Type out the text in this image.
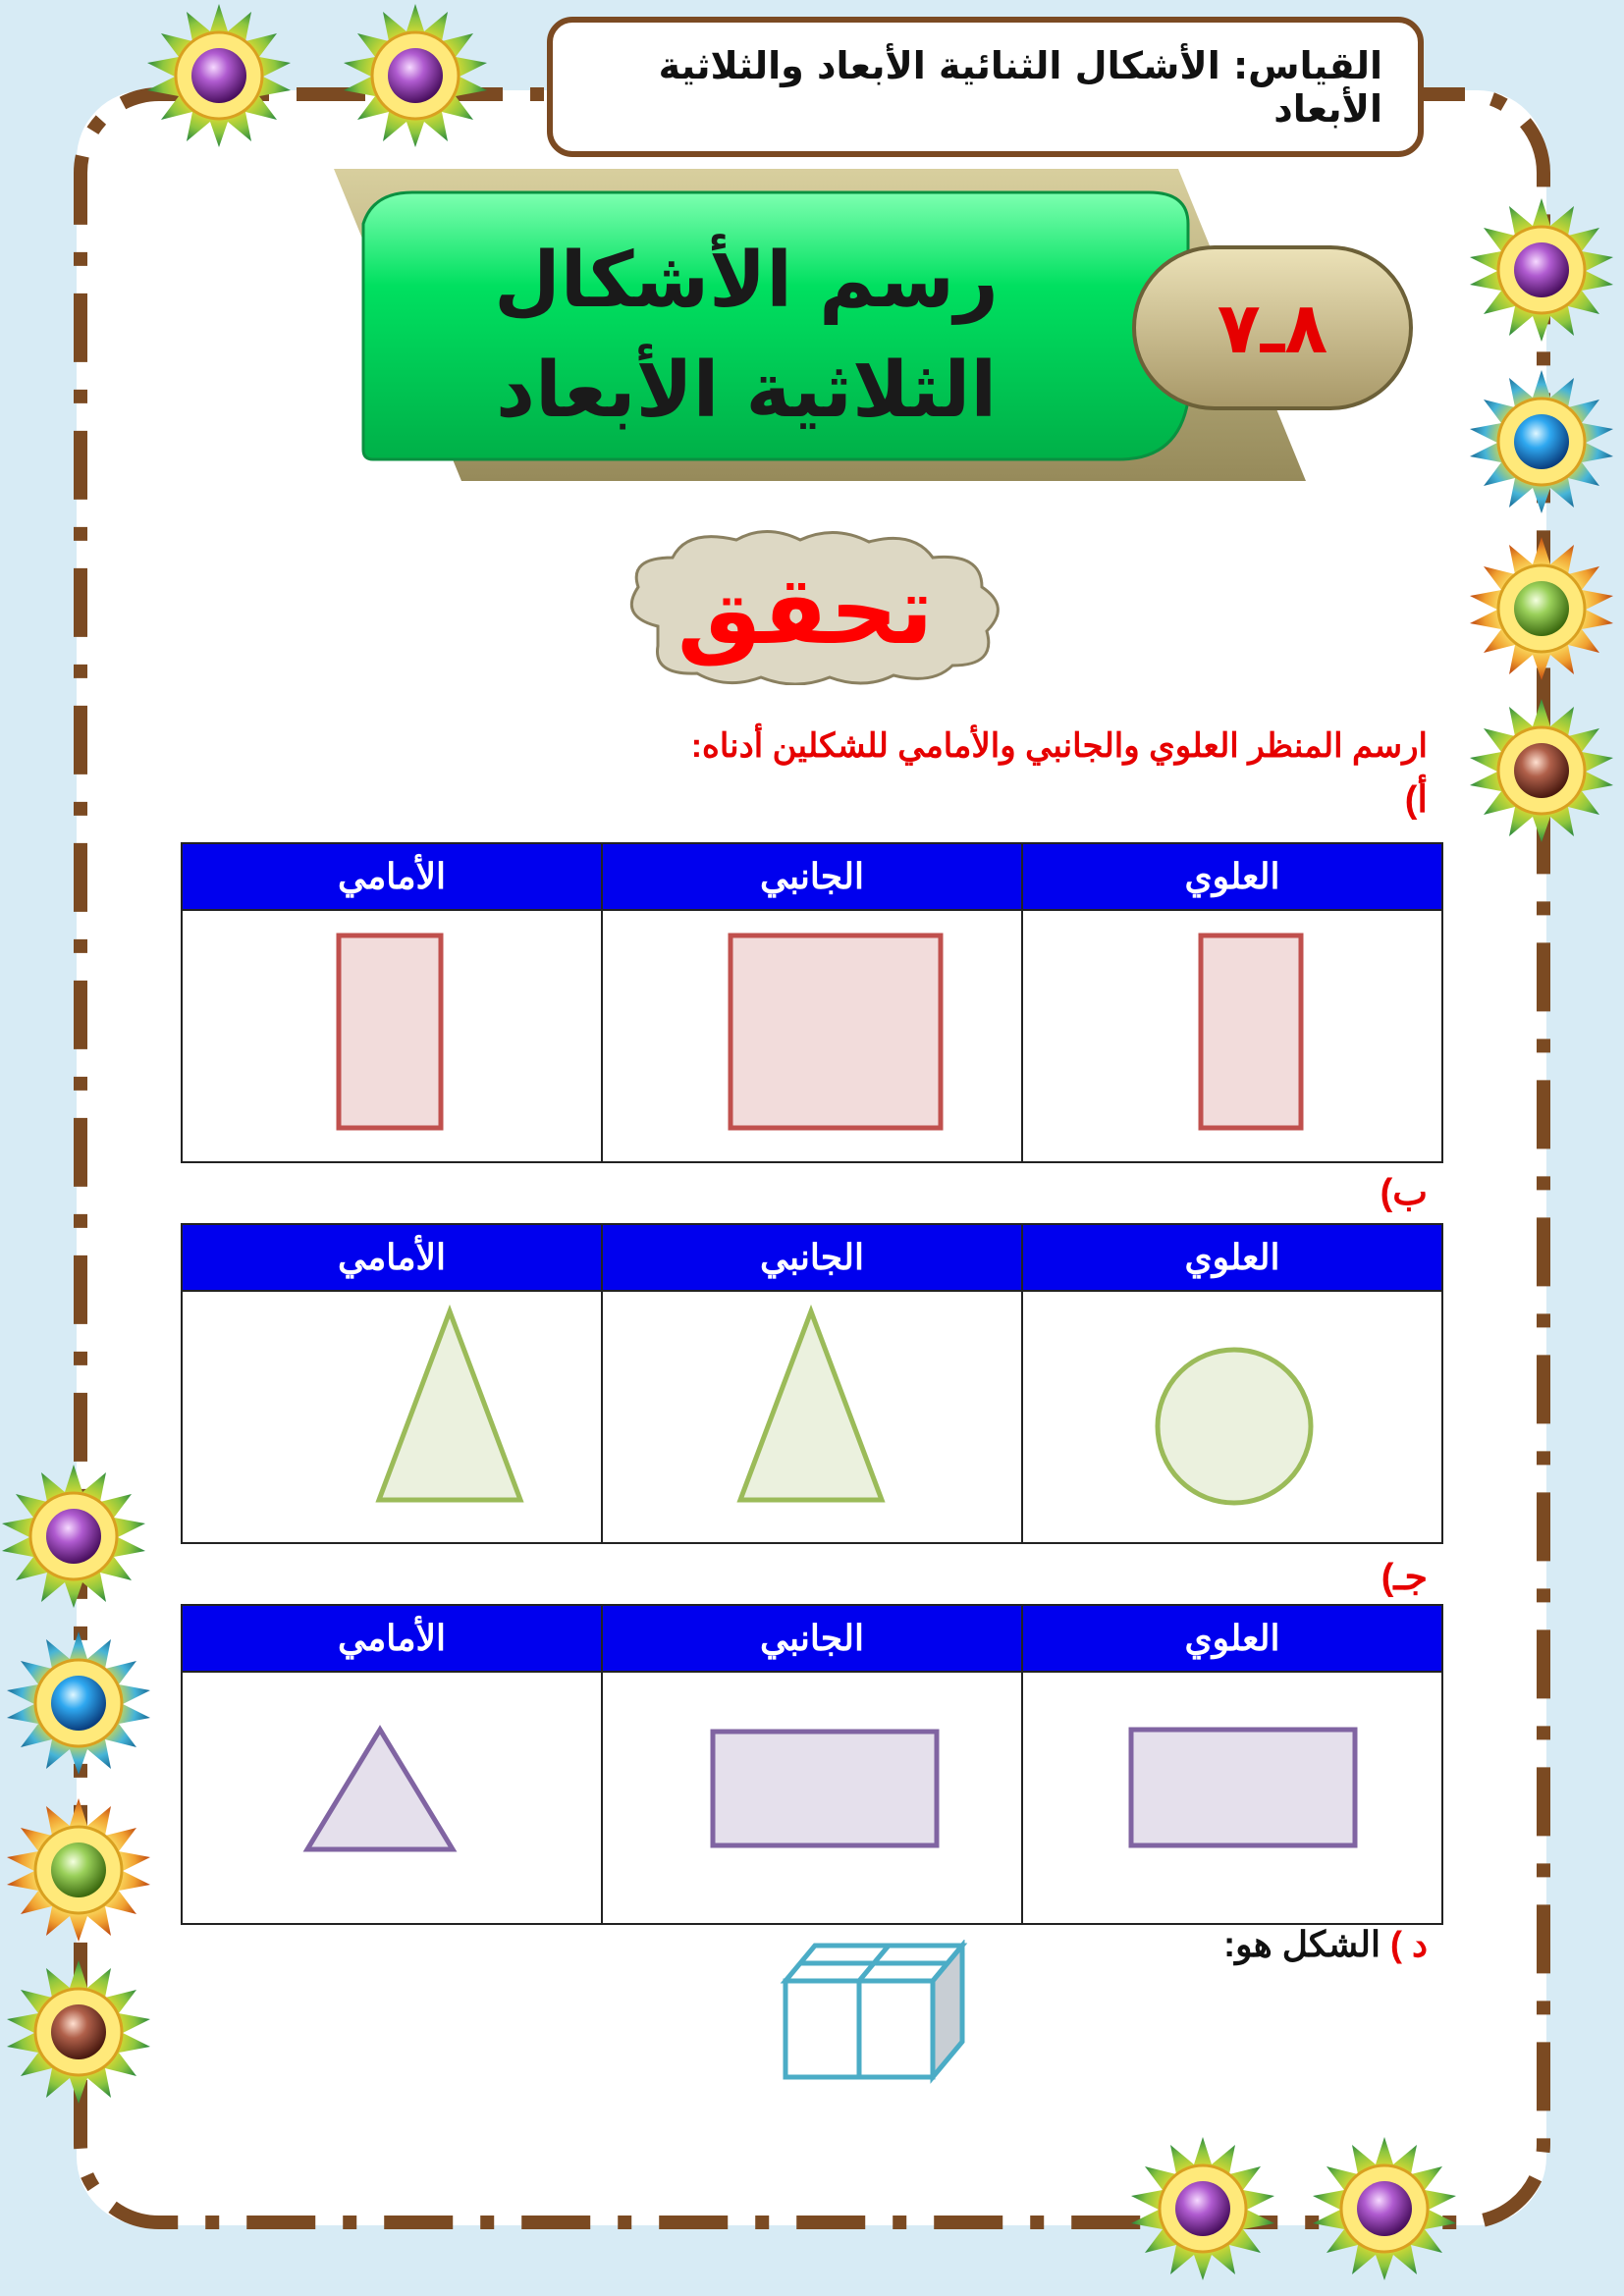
القياس: الأشكال الثنائية الأبعاد والثلاثية الأبعاد
رسم الأشكال
الثلاثية الأبعاد
٨ـ٧
تحقق
ارسم المنظر العلوي والجانبي والأمامي للشكلين أدناه:
أ)
الأمامي	الجانبي	العلوي

ب)
الأمامي	الجانبي	العلوي

جـ)
الأمامي	الجانبي	العلوي

د ) الشكل هو:
